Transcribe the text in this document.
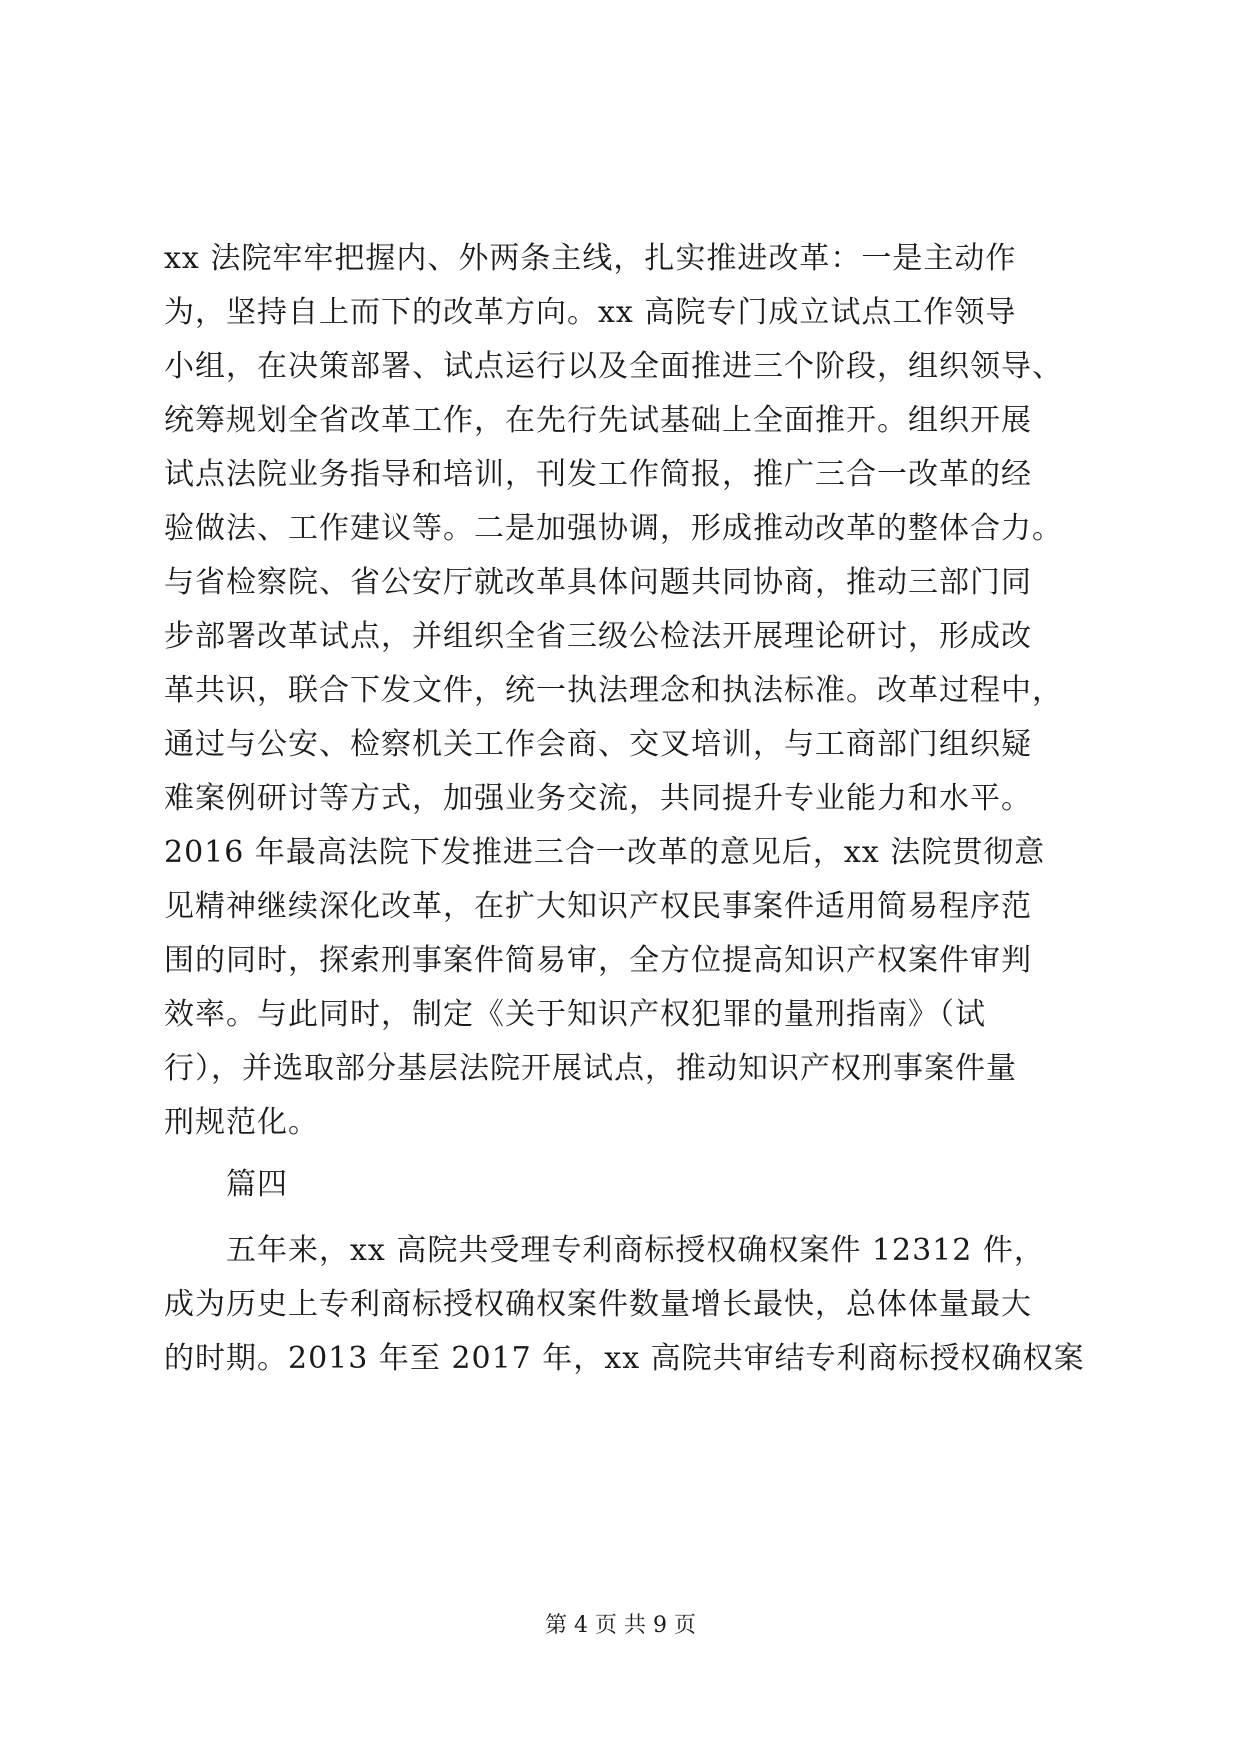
xx 法院牢牢把握内、外两条主线，扎实推进改革：一是主动作
为，坚持自上而下的改革方向。xx 高院专门成立试点工作领导
小组，在决策部署、试点运行以及全面推进三个阶段，组织领导、
统筹规划全省改革工作，在先行先试基础上全面推开。组织开展
试点法院业务指导和培训，刊发工作简报，推广三合一改革的经
验做法、工作建议等。二是加强协调，形成推动改革的整体合力。
与省检察院、省公安厅就改革具体问题共同协商，推动三部门同
步部署改革试点，并组织全省三级公检法开展理论研讨，形成改
革共识，联合下发文件，统一执法理念和执法标准。改革过程中，
通过与公安、检察机关工作会商、交叉培训，与工商部门组织疑
难案例研讨等方式，加强业务交流，共同提升专业能力和水平。
2016 年最高法院下发推进三合一改革的意见后，xx 法院贯彻意
见精神继续深化改革，在扩大知识产权民事案件适用简易程序范
围的同时，探索刑事案件简易审，全方位提高知识产权案件审判
效率。与此同时，制定《关于知识产权犯罪的量刑指南》（试
行），并选取部分基层法院开展试点，推动知识产权刑事案件量
刑规范化。
篇四
五年来，xx 高院共受理专利商标授权确权案件 12312 件，
成为历史上专利商标授权确权案件数量增长最快，总体体量最大
的时期。2013 年至 2017 年，xx 高院共审结专利商标授权确权案
第 4 页 共 9 页
